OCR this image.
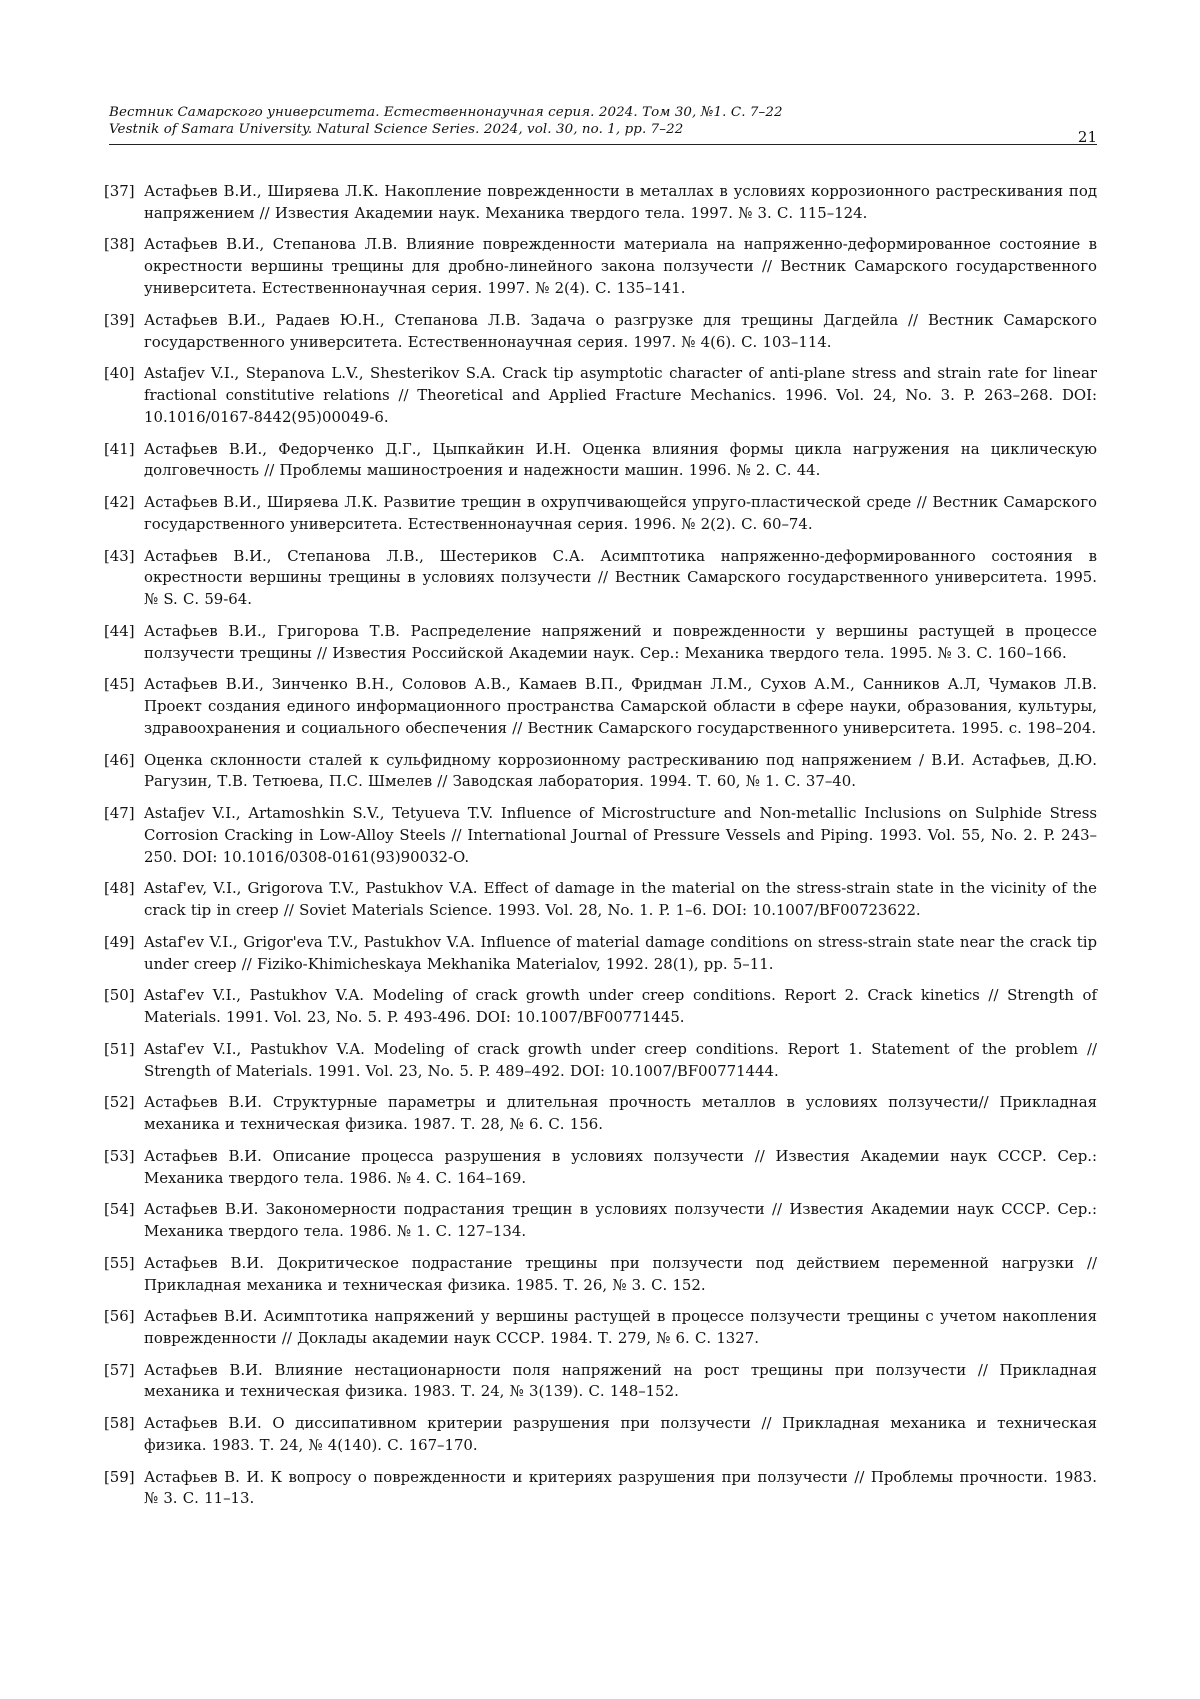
Вестник Самарского университета. Естественнонаучная серия. 2024. Том 30, №1. С. 7–22
Vestnik of Samara University. Natural Science Series. 2024, vol. 30, no. 1, pp. 7–22	21
[37] Астафьев В.И., Ширяева Л.К. Накопление поврежденности в металлах в условиях коррозионного растрескивания под напряжением // Известия Академии наук. Механика твердого тела. 1997. № 3. С. 115–124.
[38] Астафьев В.И., Степанова Л.В. Влияние поврежденности материала на напряженно-деформированное состояние в окрестности вершины трещины для дробно-линейного закона ползучести // Вестник Самарского государственного университета. Естественнонаучная серия. 1997. № 2(4). С. 135–141.
[39] Астафьев В.И., Радаев Ю.Н., Степанова Л.В. Задача о разгрузке для трещины Дагдейла // Вестник Самарского государственного университета. Естественнонаучная серия. 1997. № 4(6). С. 103–114.
[40] Astafjev V.I., Stepanova L.V., Shesterikov S.A. Crack tip asymptotic character of anti-plane stress and strain rate for linear fractional constitutive relations // Theoretical and Applied Fracture Mechanics. 1996. Vol. 24, No. 3. P. 263–268. DOI: 10.1016/0167-8442(95)00049-6.
[41] Астафьев В.И., Федорченко Д.Г., Цыпкайкин И.Н. Оценка влияния формы цикла нагружения на циклическую долговечность // Проблемы машиностроения и надежности машин. 1996. № 2. С. 44.
[42] Астафьев В.И., Ширяева Л.К. Развитие трещин в охрупчивающейся упруго-пластической среде // Вестник Самарского государственного университета. Естественнонаучная серия. 1996. № 2(2). С. 60–74.
[43] Астафьев В.И., Степанова Л.В., Шестериков С.А. Асимптотика напряженно-деформированного состояния в окрестности вершины трещины в условиях ползучести // Вестник Самарского государственного университета. 1995. № S. С. 59-64.
[44] Астафьев В.И., Григорова Т.В. Распределение напряжений и поврежденности у вершины растущей в процессе ползучести трещины // Известия Российской Академии наук. Сер.: Механика твердого тела. 1995. № 3. С. 160–166.
[45] Астафьев В.И., Зинченко В.Н., Соловов А.В., Камаев В.П., Фридман Л.М., Сухов А.М., Санников А.Л, Чумаков Л.В. Проект создания единого информационного пространства Самарской области в сфере науки, образования, культуры, здравоохранения и социального обеспечения // Вестник Самарского государственного университета. 1995. с. 198–204.
[46] Оценка склонности сталей к сульфидному коррозионному растрескиванию под напряжением / В.И. Астафьев, Д.Ю. Рагузин, Т.В. Тетюева, П.С. Шмелев // Заводская лаборатория. 1994. Т. 60, № 1. С. 37–40.
[47] Astafjev V.I., Artamoshkin S.V., Tetyueva T.V. Influence of Microstructure and Non-metallic Inclusions on Sulphide Stress Corrosion Cracking in Low-Alloy Steels // International Journal of Pressure Vessels and Piping. 1993. Vol. 55, No. 2. P. 243–250. DOI: 10.1016/0308-0161(93)90032-O.
[48] Astaf'ev, V.I., Grigorova T.V., Pastukhov V.A. Effect of damage in the material on the stress-strain state in the vicinity of the crack tip in creep // Soviet Materials Science. 1993. Vol. 28, No. 1. P. 1–6. DOI: 10.1007/BF00723622.
[49] Astaf'ev V.I., Grigor'eva T.V., Pastukhov V.A. Influence of material damage conditions on stress-strain state near the crack tip under creep // Fiziko-Khimicheskaya Mekhanika Materialov, 1992. 28(1), pp. 5–11.
[50] Astaf'ev V.I., Pastukhov V.A. Modeling of crack growth under creep conditions. Report 2. Crack kinetics // Strength of Materials. 1991. Vol. 23, No. 5. P. 493-496. DOI: 10.1007/BF00771445.
[51] Astaf'ev V.I., Pastukhov V.A. Modeling of crack growth under creep conditions. Report 1. Statement of the problem // Strength of Materials. 1991. Vol. 23, No. 5. P. 489–492. DOI: 10.1007/BF00771444.
[52] Астафьев В.И. Структурные параметры и длительная прочность металлов в условиях ползучести// Прикладная механика и техническая физика. 1987. Т. 28, № 6. С. 156.
[53] Астафьев В.И. Описание процесса разрушения в условиях ползучести // Известия Академии наук СССР. Сер.: Механика твердого тела. 1986. № 4. С. 164–169.
[54] Астафьев В.И. Закономерности подрастания трещин в условиях ползучести // Известия Академии наук СССР. Сер.: Механика твердого тела. 1986. № 1. С. 127–134.
[55] Астафьев В.И. Докритическое подрастание трещины при ползучести под действием переменной нагрузки // Прикладная механика и техническая физика. 1985. Т. 26, № 3. С. 152.
[56] Астафьев В.И. Асимптотика напряжений у вершины растущей в процессе ползучести трещины с учетом накопления поврежденности // Доклады академии наук СССР. 1984. Т. 279, № 6. С. 1327.
[57] Астафьев В.И. Влияние нестационарности поля напряжений на рост трещины при ползучести // Прикладная механика и техническая физика. 1983. Т. 24, № 3(139). С. 148–152.
[58] Астафьев В.И. О диссипативном критерии разрушения при ползучести // Прикладная механика и техническая физика. 1983. Т. 24, № 4(140). С. 167–170.
[59] Астафьев В. И. К вопросу о поврежденности и критериях разрушения при ползучести // Проблемы прочности. 1983. № 3. С. 11–13.
